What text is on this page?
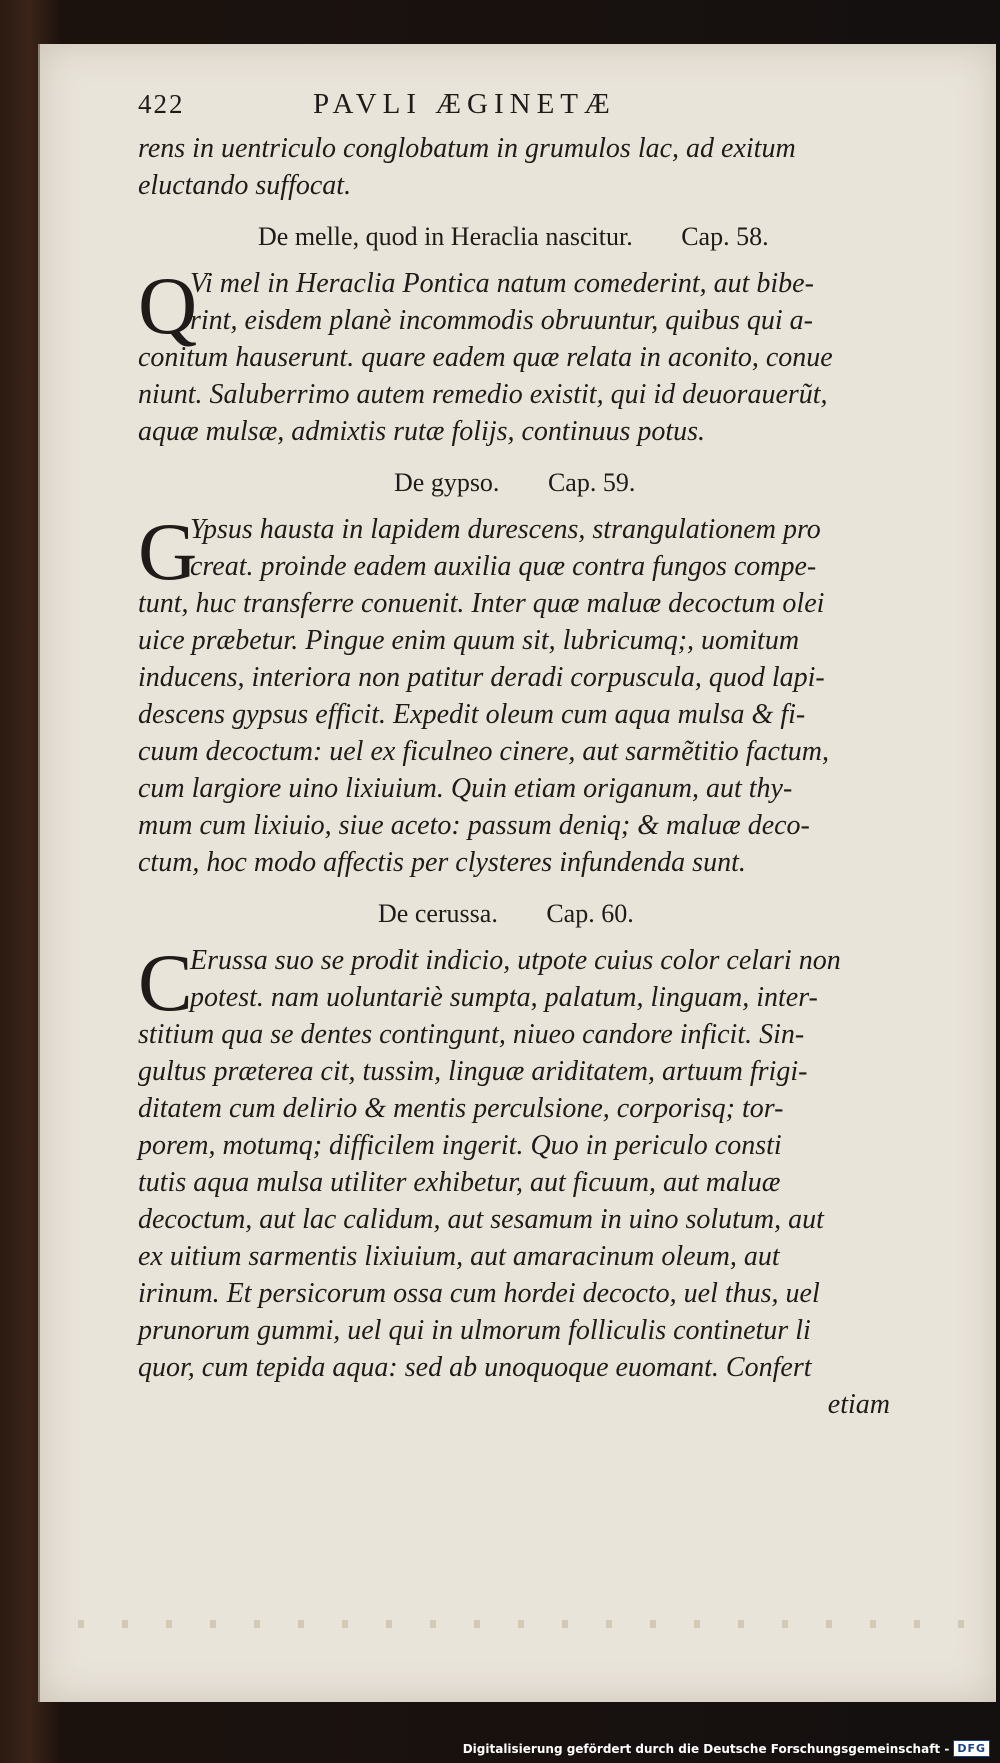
422	PAVLI ÆGINETÆ
rens in uentriculo conglobatum in grumulos lac, ad exitum
eluctando suffocat.
De melle, quod in Heraclia nascitur. Cap. 58.
Q
Vi mel in Heraclia Pontica natum comederint, aut bibe-
rint, eisdem planè incommodis obruuntur, quibus qui a-
conitum hauserunt. quare eadem quæ relata in aconito, conue
niunt. Saluberrimo autem remedio existit, qui id deuorauerũt,
aquæ mulsæ, admixtis rutæ folijs, continuus potus.
De gypso. Cap. 59.
G
Ypsus hausta in lapidem durescens, strangulationem pro
creat. proinde eadem auxilia quæ contra fungos compe-
tunt, huc transferre conuenit. Inter quæ maluæ decoctum olei
uice præbetur. Pingue enim quum sit, lubricumq;, uomitum
inducens, interiora non patitur deradi corpuscula, quod lapi-
descens gypsus efficit. Expedit oleum cum aqua mulsa & fi-
cuum decoctum: uel ex ficulneo cinere, aut sarmẽtitio factum,
cum largiore uino lixiuium. Quin etiam origanum, aut thy-
mum cum lixiuio, siue aceto: passum deniq; & maluæ deco-
ctum, hoc modo affectis per clysteres infundenda sunt.
De cerussa. Cap. 60.
C
Erussa suo se prodit indicio, utpote cuius color celari non
potest. nam uoluntariè sumpta, palatum, linguam, inter-
stitium qua se dentes contingunt, niueo candore inficit. Sin-
gultus præterea cit, tussim, linguæ ariditatem, artuum frigi-
ditatem cum delirio & mentis perculsione, corporisq; tor-
porem, motumq; difficilem ingerit. Quo in periculo consti
tutis aqua mulsa utiliter exhibetur, aut ficuum, aut maluæ
decoctum, aut lac calidum, aut sesamum in uino solutum, aut
ex uitium sarmentis lixiuium, aut amaracinum oleum, aut
irinum. Et persicorum ossa cum hordei decocto, uel thus, uel
prunorum gummi, uel qui in ulmorum folliculis continetur li
quor, cum tepida aqua: sed ab unoquoque euomant. Confert
etiam
Digitalisierung gefördert durch die Deutsche Forschungsgemeinschaft - DFG
